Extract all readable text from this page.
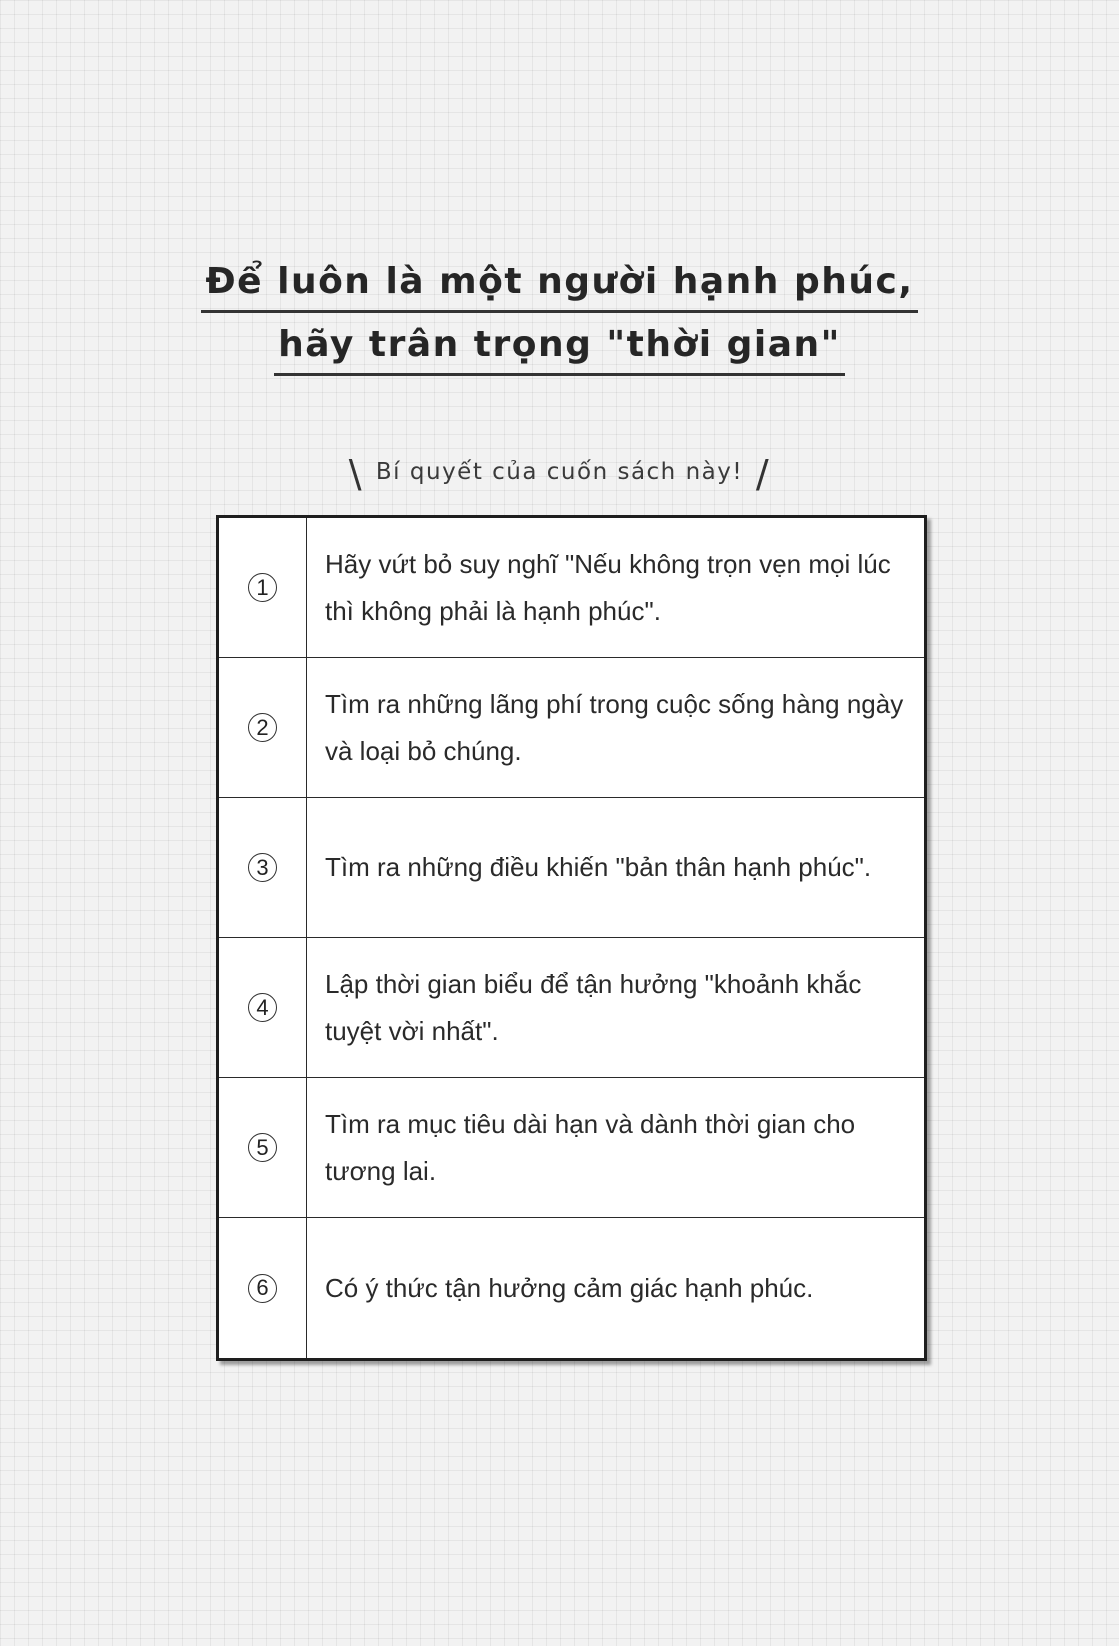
Để luôn là một người hạnh phúc,
hãy trân trọng "thời gian"
\ Bí quyết của cuốn sách này! /
1
Hãy vứt bỏ suy nghĩ "Nếu không trọn vẹn mọi lúc thì không phải là hạnh phúc".
2
Tìm ra những lãng phí trong cuộc sống hàng ngày và loại bỏ chúng.
3	Tìm ra những điều khiến "bản thân hạnh phúc".
4
Lập thời gian biểu để tận hưởng "khoảnh khắc tuyệt vời nhất".
5
Tìm ra mục tiêu dài hạn và dành thời gian cho tương lai.
6	Có ý thức tận hưởng cảm giác hạnh phúc.
